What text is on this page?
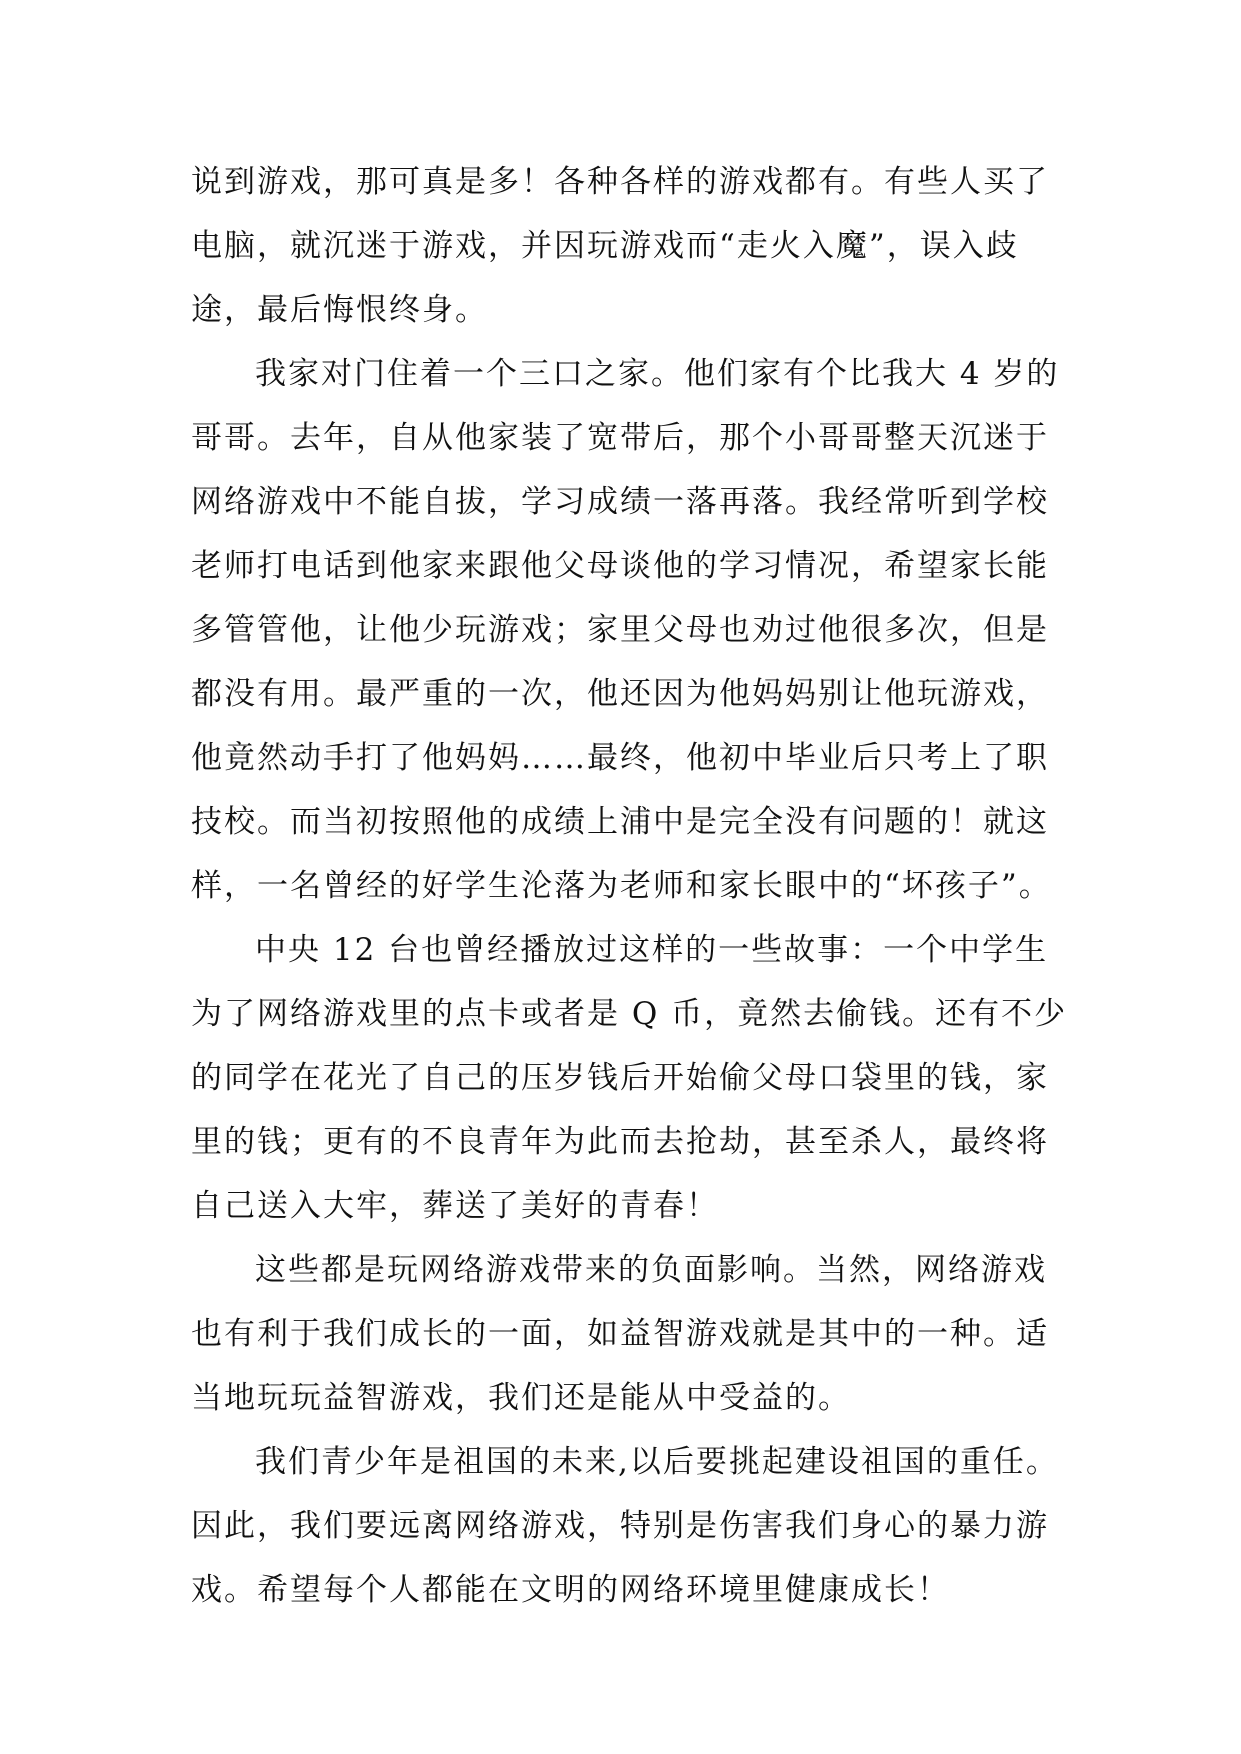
说到游戏，那可真是多！各种各样的游戏都有。有些人买了
电脑，就沉迷于游戏，并因玩游戏而“走火入魔”，误入歧
途，最后悔恨终身。
我家对门住着一个三口之家。他们家有个比我大 4 岁的
哥哥。去年，自从他家装了宽带后，那个小哥哥整天沉迷于
网络游戏中不能自拔，学习成绩一落再落。我经常听到学校
老师打电话到他家来跟他父母谈他的学习情况，希望家长能
多管管他，让他少玩游戏；家里父母也劝过他很多次，但是
都没有用。最严重的一次，他还因为他妈妈别让他玩游戏，
他竟然动手打了他妈妈……最终，他初中毕业后只考上了职
技校。而当初按照他的成绩上浦中是完全没有问题的！就这
样，一名曾经的好学生沦落为老师和家长眼中的“坏孩子”。
中央 12 台也曾经播放过这样的一些故事：一个中学生
为了网络游戏里的点卡或者是 Q 币，竟然去偷钱。还有不少
的同学在花光了自己的压岁钱后开始偷父母口袋里的钱，家
里的钱；更有的不良青年为此而去抢劫，甚至杀人，最终将
自己送入大牢，葬送了美好的青春！
这些都是玩网络游戏带来的负面影响。当然，网络游戏
也有利于我们成长的一面，如益智游戏就是其中的一种。适
当地玩玩益智游戏，我们还是能从中受益的。
我们青少年是祖国的未来,以后要挑起建设祖国的重任。
因此，我们要远离网络游戏，特别是伤害我们身心的暴力游
戏。希望每个人都能在文明的网络环境里健康成长！
